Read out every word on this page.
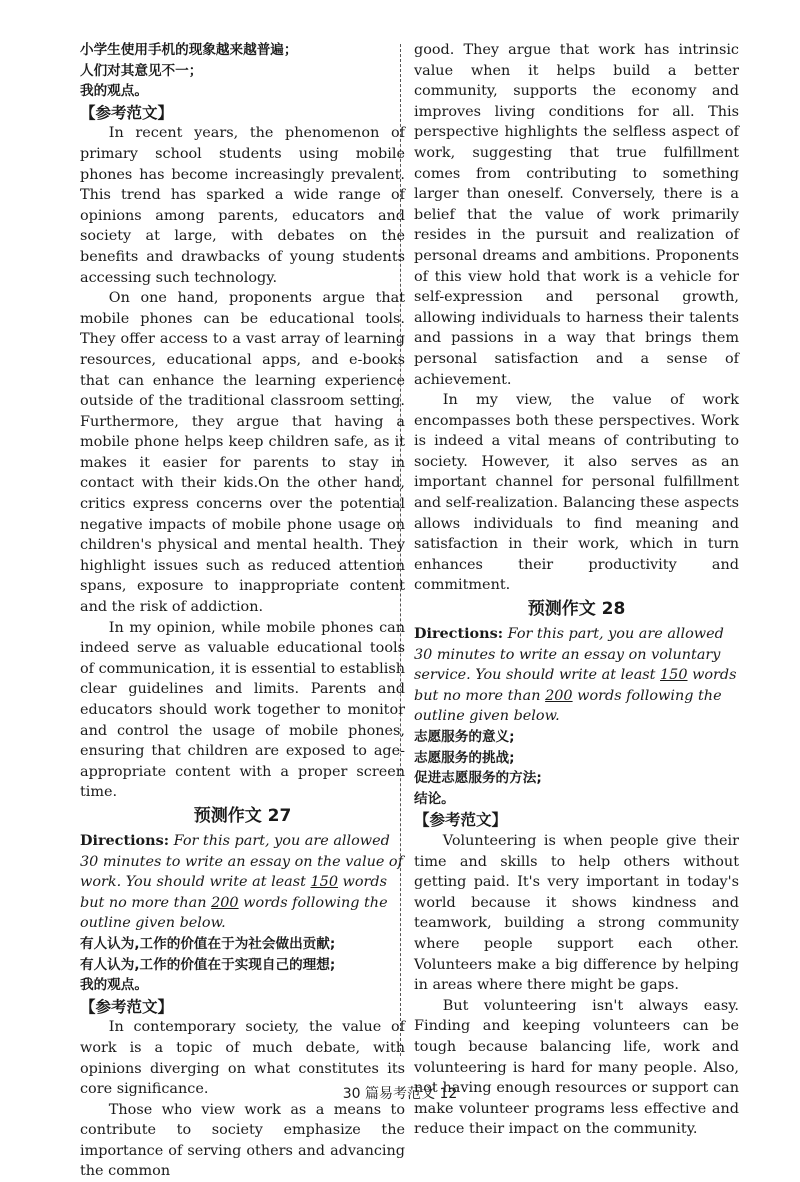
小学生使用手机的现象越来越普遍；
人们对其意见不一；
我的观点。
【参考范文】

In recent years, the phenomenon of primary school students using mobile phones has become increasingly prevalent. This trend has sparked a wide range of opinions among parents, educators and society at large, with debates on the benefits and drawbacks of young students accessing such technology.

On one hand, proponents argue that mobile phones can be educational tools. They offer access to a vast array of learning resources, educational apps, and e-books that can enhance the learning experience outside of the traditional classroom setting. Furthermore, they argue that having a mobile phone helps keep children safe, as it makes it easier for parents to stay in contact with their kids.On the other hand, critics express concerns over the potential negative impacts of mobile phone usage on children's physical and mental health. They highlight issues such as reduced attention spans, exposure to inappropriate content and the risk of addiction.

In my opinion, while mobile phones can indeed serve as valuable educational tools of communication, it is essential to establish clear guidelines and limits. Parents and educators should work together to monitor and control the usage of mobile phones, ensuring that children are exposed to age-appropriate content with a proper screen time.

预测作文 27
Directions: For this part, you are allowed 30 minutes to write an essay on the value of work. You should write at least 150 words but no more than 200 words following the outline given below.
有人认为,工作的价值在于为社会做出贡献;
有人认为,工作的价值在于实现自己的理想;
我的观点。
【参考范文】

In contemporary society, the value of work is a topic of much debate, with opinions diverging on what constitutes its core significance.

Those who view work as a means to contribute to society emphasize the importance of serving others and advancing the common

good. They argue that work has intrinsic value when it helps build a better community, supports the economy and improves living conditions for all. This perspective highlights the selfless aspect of work, suggesting that true fulfillment comes from contributing to something larger than oneself. Conversely, there is a belief that the value of work primarily resides in the pursuit and realization of personal dreams and ambitions. Proponents of this view hold that work is a vehicle for self-expression and personal growth, allowing individuals to harness their talents and passions in a way that brings them personal satisfaction and a sense of achievement.

In my view, the value of work encompasses both these perspectives. Work is indeed a vital means of contributing to society. However, it also serves as an important channel for personal fulfillment and self-realization. Balancing these aspects allows individuals to find meaning and satisfaction in their work, which in turn enhances their productivity and commitment.

预测作文 28
Directions: For this part, you are allowed 30 minutes to write an essay on voluntary service. You should write at least 150 words but no more than 200 words following the outline given below.
志愿服务的意义;
志愿服务的挑战;
促进志愿服务的方法;
结论。
【参考范文】

Volunteering is when people give their time and skills to help others without getting paid. It's very important in today's world because it shows kindness and teamwork, building a strong community where people support each other. Volunteers make a big difference by helping in areas where there might be gaps.

But volunteering isn't always easy. Finding and keeping volunteers can be tough because balancing life, work and volunteering is hard for many people. Also, not having enough resources or support can make volunteer programs less effective and reduce their impact on the community.

30 篇易考范文 12
